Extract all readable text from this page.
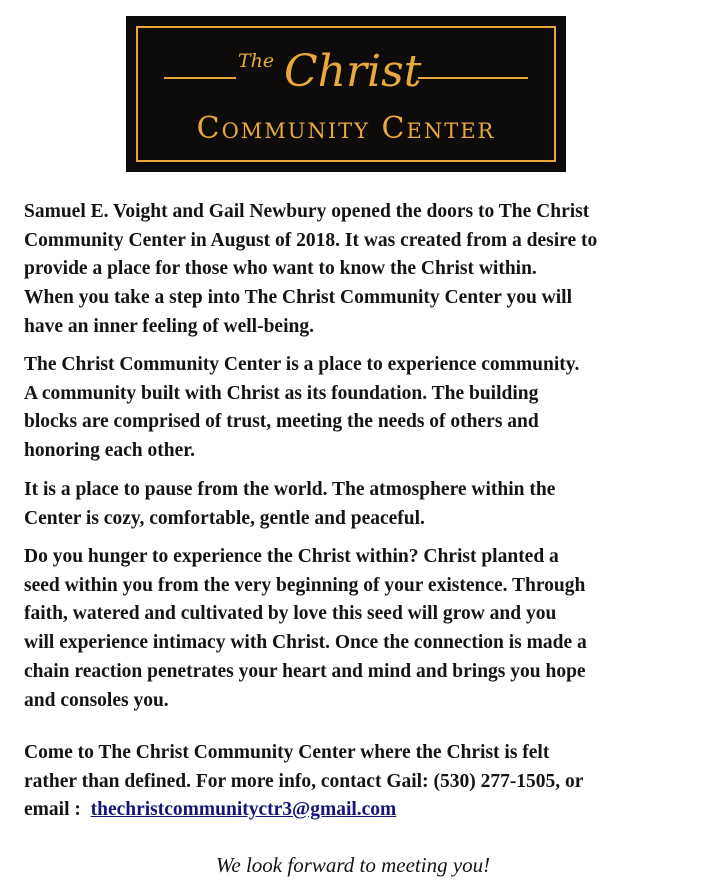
The Christ
Community Center

Samuel E. Voight and Gail Newbury opened the doors to The Christ

Community Center in August of 2018. It was created from a desire to

provide a place for those who want to know the Christ within.

When you take a step into The Christ Community Center you will

have an inner feeling of well-being.

The Christ Community Center is a place to experience community.

A community built with Christ as its foundation. The building

blocks are comprised of trust, meeting the needs of others and

honoring each other.

It is a place to pause from the world. The atmosphere within the

Center is cozy, comfortable, gentle and peaceful.

Do you hunger to experience the Christ within? Christ planted a

seed within you from the very beginning of your existence. Through

faith, watered and cultivated by love this seed will grow and you

will experience intimacy with Christ. Once the connection is made a

chain reaction penetrates your heart and mind and brings you hope

and consoles you.

Come to The Christ Community Center where the Christ is felt

rather than defined. For more info, contact Gail: (530) 277-1505, or

email :  thechristcommunityctr3@gmail.com

We look forward to meeting you!
